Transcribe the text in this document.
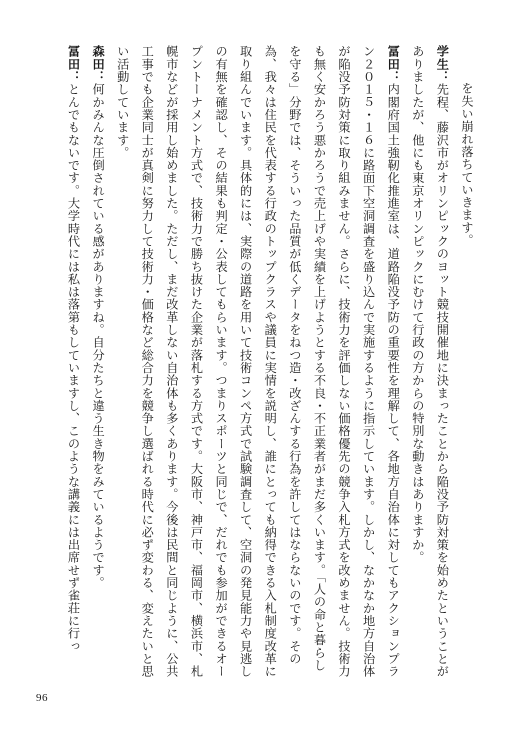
を失い崩れ落ちていきます。

学生：先程、藤沢市がオリンピックのヨット競技開催地に決まったことから陥没予防対策を始めたということがありましたが、他にも東京オリンピックにむけて行政の方からの特別な動きはありますか。

冨田：内閣府国土強靭化推進室は、道路陥没予防の重要性を理解して、各地方自治体に対してもアクションプラン２０１５・１６に路面下空洞調査を盛り込んで実施するように指示しています。しかし、なかなか地方自治体が陥没予防対策に取り組みません。さらに、技術力を評価しない価格優先の競争入札方式を改めません。技術力も無く安かろう悪かろうで売上げや実績を上げようとする不良・不正業者がまだ多くいます。「人の命と暮らしを守る」分野では、そういった品質が低くデータをねつ造・改ざんする行為を許してはならないのです。その為、我々は住民を代表する行政のトップクラスや議員に実情を説明し、誰にとっても納得できる入札制度改革に取り組んでいます。具体的には、実際の道路を用いて技術コンペ方式で試験調査して、空洞の発見能力や見逃しの有無を確認し、その結果も判定・公表してもらいます。つまりスポーツと同じで、だれでも参加ができるオープントーナメント方式で、技術力で勝ち抜けた企業が落札する方式です。大阪市、神戸市、福岡市、横浜市、札幌市などが採用し始めました。ただし、まだ改革しない自治体も多くあります。今後は民間と同じように、公共工事でも企業同士が真剣に努力して技術力・価格など総合力を競争し選ばれる時代に必ず変わる、変えたいと思い活動しています。

森田：何かみんな圧倒されている感がありますね。自分たちと違う生き物をみているようです。

冨田：とんでもないです。大学時代には私は落第もしていますし、このような講義には出席せず雀荘に行っ

96
